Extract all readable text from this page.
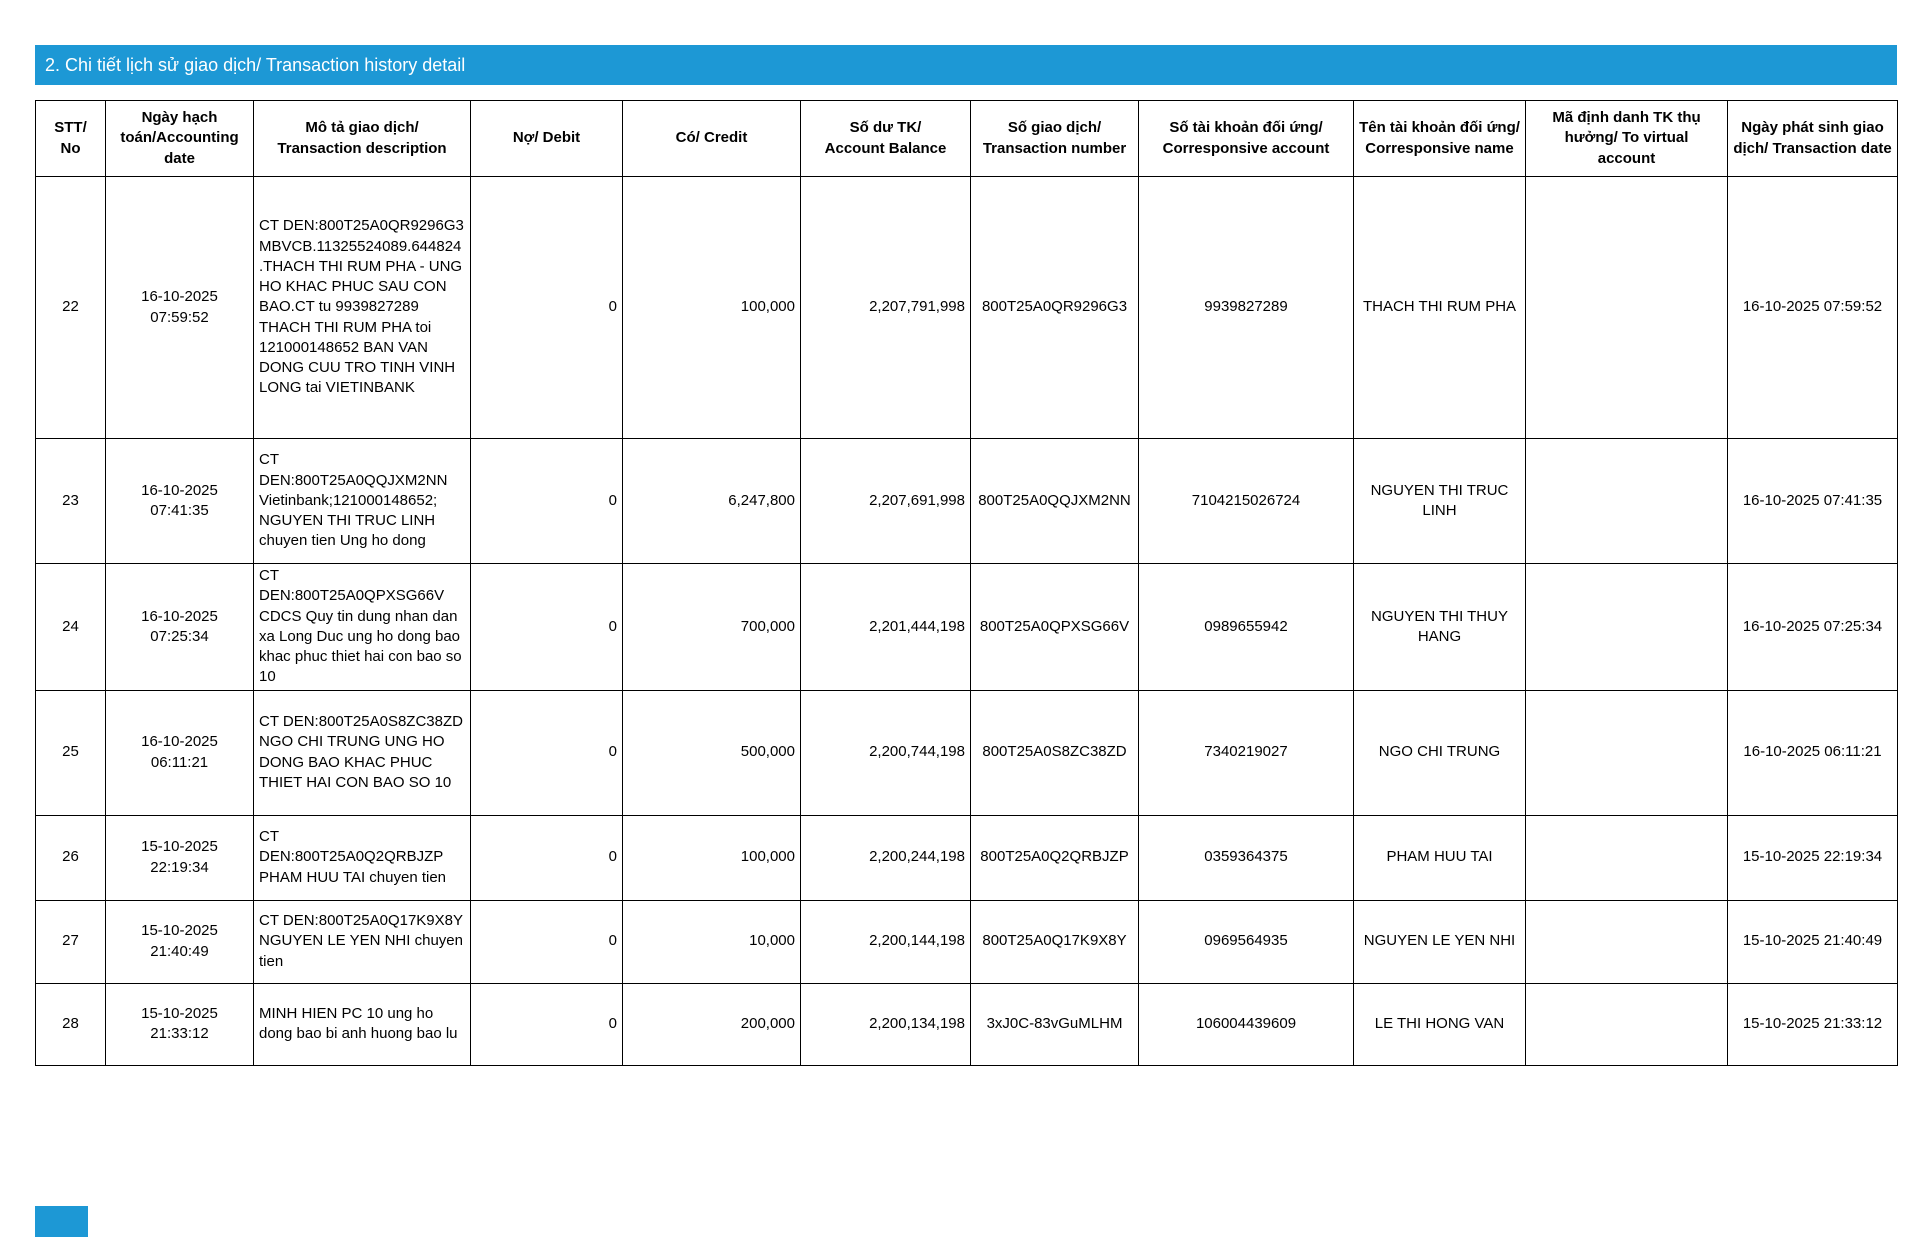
2. Chi tiết lịch sử giao dịch/ Transaction history detail
STT/
No	Ngày hạch
toán/Accounting
date	Mô tả giao dịch/
Transaction description	Nợ/ Debit	Có/ Credit	Số dư TK/
Account Balance	Số giao dịch/
Transaction number	Số tài khoản đối ứng/
Corresponsive account	Tên tài khoản đối ứng/
Corresponsive name	Mã định danh TK thụ
hưởng/ To virtual
account	Ngày phát sinh giao
dịch/ Transaction date
22	16-10-2025 07:59:52	CT DEN:800T25A0QR9296G3 MBVCB.11325524089.644824.THACH THI RUM PHA - UNG HO KHAC PHUC SAU CON BAO.CT tu 9939827289 THACH THI RUM PHA toi 121000148652 BAN VAN DONG CUU TRO TINH VINH LONG tai VIETINBANK	0	100,000	2,207,791,998	800T25A0QR9296G3	9939827289	THACH THI RUM PHA		16-10-2025 07:59:52
23	16-10-2025 07:41:35	CT DEN:800T25A0QQJXM2NN Vietinbank;121000148652; NGUYEN THI TRUC LINH chuyen tien Ung ho dong	0	6,247,800	2,207,691,998	800T25A0QQJXM2NN	7104215026724	NGUYEN THI TRUC LINH		16-10-2025 07:41:35
24	16-10-2025 07:25:34	CT DEN:800T25A0QPXSG66V CDCS Quy tin dung nhan dan xa Long Duc ung ho dong bao khac phuc thiet hai con bao so 10	0	700,000	2,201,444,198	800T25A0QPXSG66V	0989655942	NGUYEN THI THUY HANG		16-10-2025 07:25:34
25	16-10-2025 06:11:21	CT DEN:800T25A0S8ZC38ZD NGO CHI TRUNG UNG HO DONG BAO KHAC PHUC THIET HAI CON BAO SO 10	0	500,000	2,200,744,198	800T25A0S8ZC38ZD	7340219027	NGO CHI TRUNG		16-10-2025 06:11:21
26	15-10-2025 22:19:34	CT DEN:800T25A0Q2QRBJZP PHAM HUU TAI chuyen tien	0	100,000	2,200,244,198	800T25A0Q2QRBJZP	0359364375	PHAM HUU TAI		15-10-2025 22:19:34
27	15-10-2025 21:40:49	CT DEN:800T25A0Q17K9X8Y NGUYEN LE YEN NHI chuyen tien	0	10,000	2,200,144,198	800T25A0Q17K9X8Y	0969564935	NGUYEN LE YEN NHI		15-10-2025 21:40:49
28	15-10-2025 21:33:12	MINH HIEN PC 10 ung ho dong bao bi anh huong bao lu	0	200,000	2,200,134,198	3xJ0C-83vGuMLHM	106004439609	LE THI HONG VAN		15-10-2025 21:33:12
